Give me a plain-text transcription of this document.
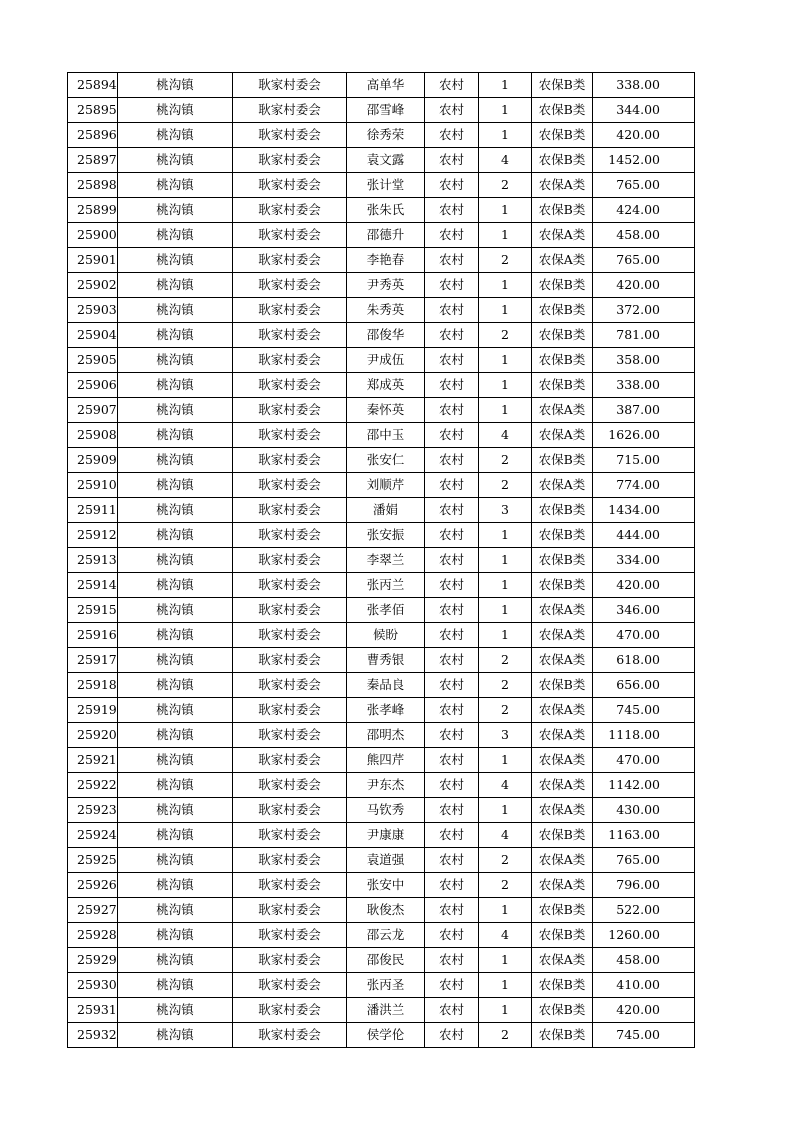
25894	桃沟镇	耿家村委会	高单华	农村	1	农保B类	338.00
25895	桃沟镇	耿家村委会	邵雪峰	农村	1	农保B类	344.00
25896	桃沟镇	耿家村委会	徐秀荣	农村	1	农保B类	420.00
25897	桃沟镇	耿家村委会	袁文露	农村	4	农保B类	1452.00
25898	桃沟镇	耿家村委会	张计堂	农村	2	农保A类	765.00
25899	桃沟镇	耿家村委会	张朱氏	农村	1	农保B类	424.00
25900	桃沟镇	耿家村委会	邵德升	农村	1	农保A类	458.00
25901	桃沟镇	耿家村委会	李艳春	农村	2	农保A类	765.00
25902	桃沟镇	耿家村委会	尹秀英	农村	1	农保B类	420.00
25903	桃沟镇	耿家村委会	朱秀英	农村	1	农保B类	372.00
25904	桃沟镇	耿家村委会	邵俊华	农村	2	农保B类	781.00
25905	桃沟镇	耿家村委会	尹成伍	农村	1	农保B类	358.00
25906	桃沟镇	耿家村委会	郑成英	农村	1	农保B类	338.00
25907	桃沟镇	耿家村委会	秦怀英	农村	1	农保A类	387.00
25908	桃沟镇	耿家村委会	邵中玉	农村	4	农保A类	1626.00
25909	桃沟镇	耿家村委会	张安仁	农村	2	农保B类	715.00
25910	桃沟镇	耿家村委会	刘顺芹	农村	2	农保A类	774.00
25911	桃沟镇	耿家村委会	潘娟	农村	3	农保B类	1434.00
25912	桃沟镇	耿家村委会	张安振	农村	1	农保B类	444.00
25913	桃沟镇	耿家村委会	李翠兰	农村	1	农保B类	334.00
25914	桃沟镇	耿家村委会	张丙兰	农村	1	农保B类	420.00
25915	桃沟镇	耿家村委会	张孝佰	农村	1	农保A类	346.00
25916	桃沟镇	耿家村委会	候盼	农村	1	农保A类	470.00
25917	桃沟镇	耿家村委会	曹秀银	农村	2	农保A类	618.00
25918	桃沟镇	耿家村委会	秦品良	农村	2	农保B类	656.00
25919	桃沟镇	耿家村委会	张孝峰	农村	2	农保A类	745.00
25920	桃沟镇	耿家村委会	邵明杰	农村	3	农保A类	1118.00
25921	桃沟镇	耿家村委会	熊四芹	农村	1	农保A类	470.00
25922	桃沟镇	耿家村委会	尹东杰	农村	4	农保A类	1142.00
25923	桃沟镇	耿家村委会	马钦秀	农村	1	农保A类	430.00
25924	桃沟镇	耿家村委会	尹康康	农村	4	农保B类	1163.00
25925	桃沟镇	耿家村委会	袁道强	农村	2	农保A类	765.00
25926	桃沟镇	耿家村委会	张安中	农村	2	农保A类	796.00
25927	桃沟镇	耿家村委会	耿俊杰	农村	1	农保B类	522.00
25928	桃沟镇	耿家村委会	邵云龙	农村	4	农保B类	1260.00
25929	桃沟镇	耿家村委会	邵俊民	农村	1	农保A类	458.00
25930	桃沟镇	耿家村委会	张丙圣	农村	1	农保B类	410.00
25931	桃沟镇	耿家村委会	潘洪兰	农村	1	农保B类	420.00
25932	桃沟镇	耿家村委会	侯学伦	农村	2	农保B类	745.00
